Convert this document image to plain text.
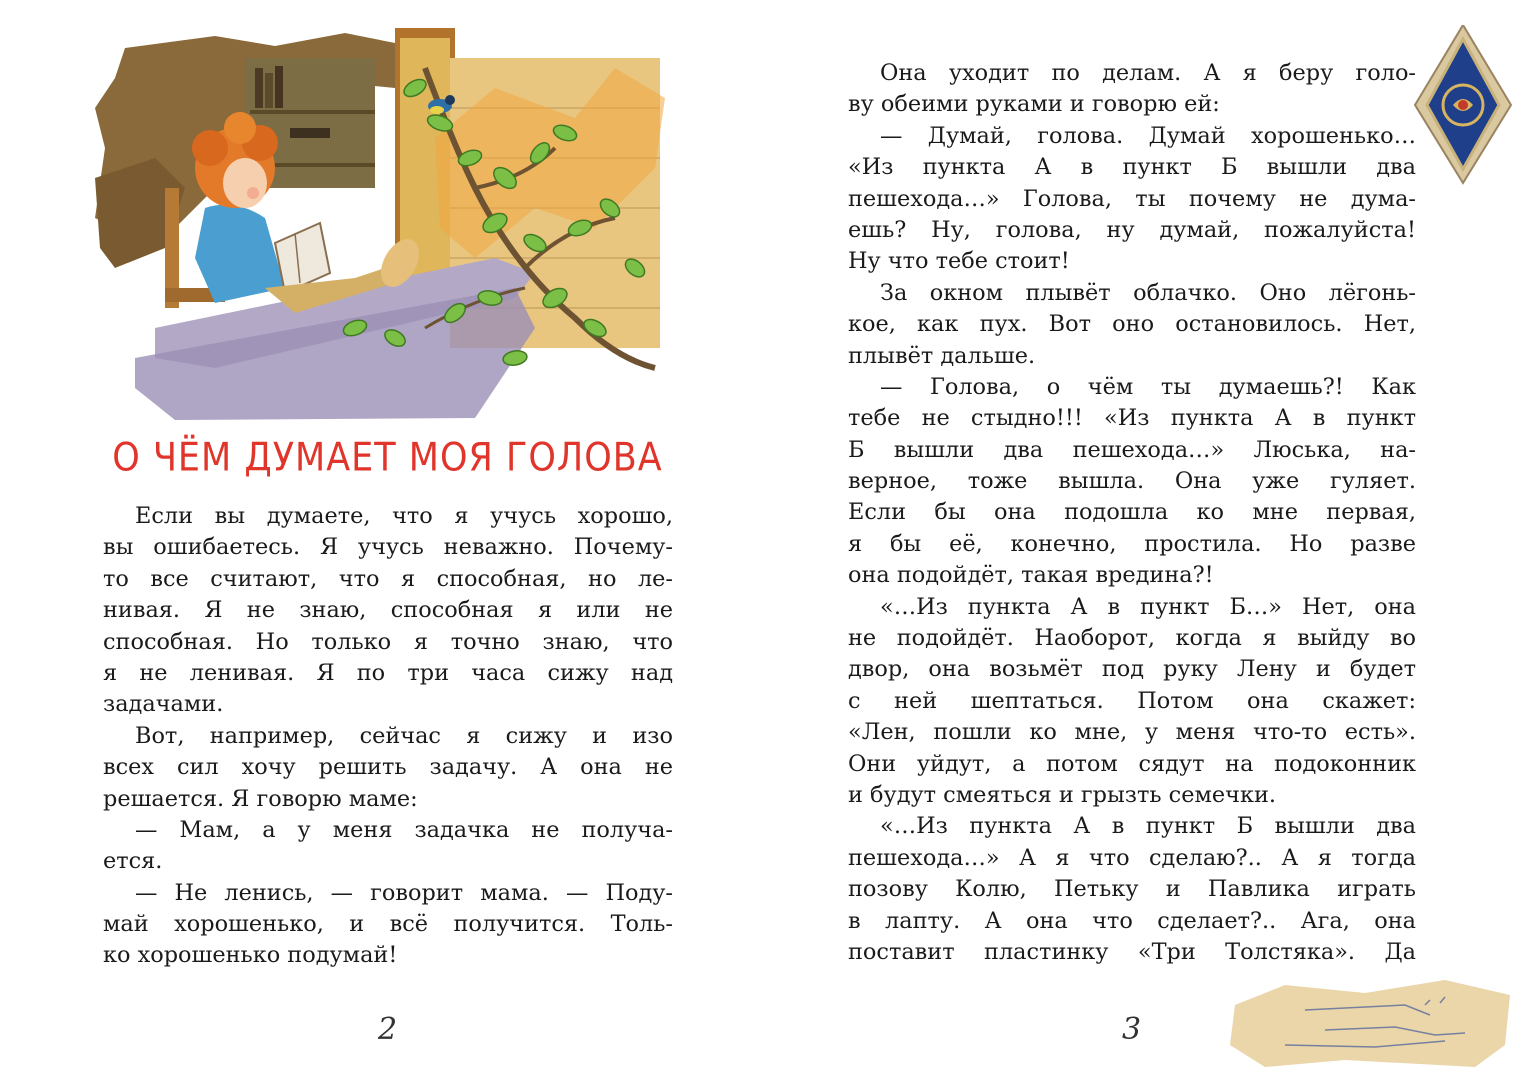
О ЧЁМ ДУМАЕТ МОЯ ГОЛОВА
Если вы думаете, что я учусь хорошо,
вы ошибаетесь. Я учусь неважно. Почему-
то все считают, что я способная, но ле-
нивая. Я не знаю, способная я или не
способная. Но только я точно знаю, что
я не ленивая. Я по три часа сижу над
задачами.
Вот, например, сейчас я сижу и изо
всех сил хочу решить задачу. А она не
решается. Я говорю маме:
— Мам, а у меня задачка не получа-
ется.
— Не ленись, — говорит мама. — Поду-
май хорошенько, и всё получится. Толь-
ко хорошенько подумай!
2	3
Она уходит по делам. А я беру голо-
ву обеими руками и говорю ей:
— Думай, голова. Думай хорошенько…
«Из пункта А в пункт Б вышли два
пешехода…» Голова, ты почему не дума-
ешь? Ну, голова, ну думай, пожалуйста!
Ну что тебе стоит!
За окном плывёт облачко. Оно лёгонь-
кое, как пух. Вот оно остановилось. Нет,
плывёт дальше.
— Голова, о чём ты думаешь?! Как
тебе не стыдно!!! «Из пункта А в пункт
Б вышли два пешехода…» Люська, на-
верное, тоже вышла. Она уже гуляет.
Если бы она подошла ко мне первая,
я бы её, конечно, простила. Но разве
она подойдёт, такая вредина?!
«…Из пункта А в пункт Б…» Нет, она
не подойдёт. Наоборот, когда я выйду во
двор, она возьмёт под руку Лену и будет
с ней шептаться. Потом она скажет:
«Лен, пошли ко мне, у меня что-то есть».
Они уйдут, а потом сядут на подоконник
и будут смеяться и грызть семечки.
«…Из пункта А в пункт Б вышли два
пешехода…» А я что сделаю?.. А я тогда
позову Колю, Петьку и Павлика играть
в лапту. А она что сделает?.. Ага, она
поставит пластинку «Три Толстяка». Да
